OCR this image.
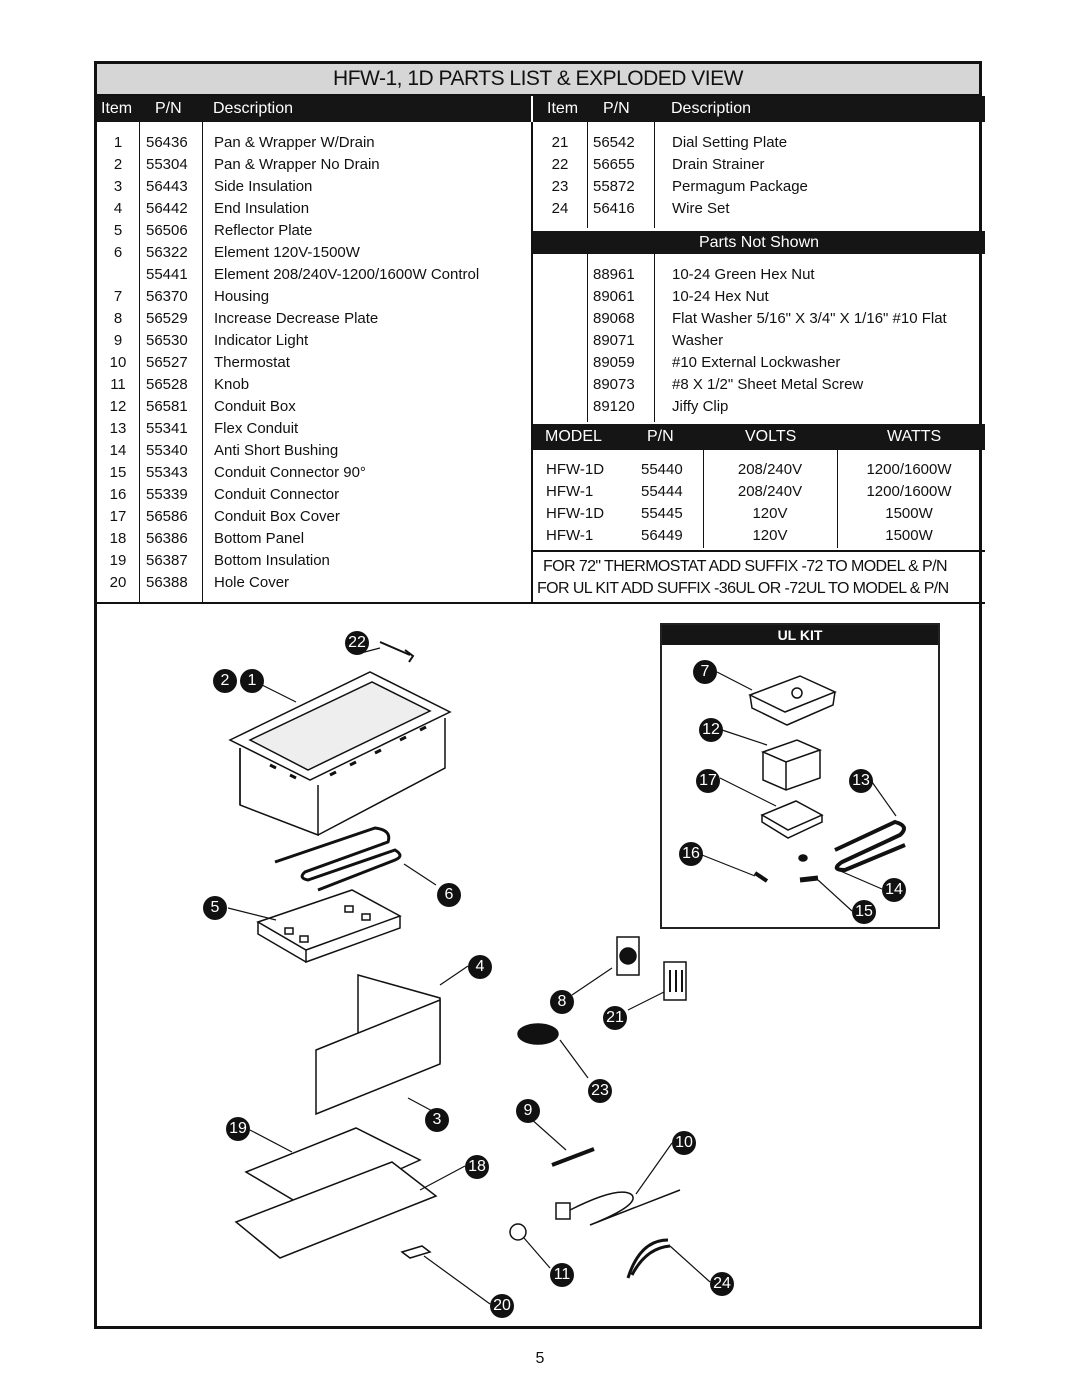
HFW-1, 1D PARTS LIST & EXPLODED VIEW
Item P/N Description	Item P/N	Description
1	56436 Pan & Wrapper W/Drain
2	55304 Pan & Wrapper No Drain
3	56443 Side Insulation
4	56442 End Insulation
5	56506 Reflector Plate
6	56322 Element 120V-1500W
55441 Element 208/240V-1200/1600W Control
7	56370 Housing
8	56529 Increase Decrease Plate
9	56530 Indicator Light
10	56527 Thermostat
11	56528 Knob
12	56581 Conduit Box
13	55341 Flex Conduit
14	55340 Anti Short Bushing
15	55343 Conduit Connector 90°
16	55339 Conduit Connector
17	56586 Conduit Box Cover
18	56386 Bottom Panel
19	56387 Bottom Insulation
20	56388 Hole Cover
21	56542 Dial Setting Plate
22	56655 Drain Strainer
23	55872 Permagum Package
24	56416 Wire Set
Parts Not Shown
88961 10-24 Green Hex Nut
89061 10-24 Hex Nut
89068 Flat Washer 5/16" X 3/4" X 1/16" #10 Flat
89071 Washer
89059 #10 External Lockwasher
89073 #8 X 1/2" Sheet Metal Screw
89120 Jiffy Clip
MODEL	P/N	VOLTS	WATTS
HFW-1D 55440	208/240V	1200/1600W
HFW-1	55444	208/240V	1200/1600W
HFW-1D 55445	120V	1500W
HFW-1	56449	120V	1500W
FOR 72" THERMOSTAT ADD SUFFIX -72 TO MODEL & P/N
FOR UL KIT ADD SUFFIX -36UL OR -72UL TO MODEL & P/N
UL KIT
22
2	1
6
5
4
8
21
23
3
19
9
18
10
11
24
20
7
12
17	13
16
14
15
5
